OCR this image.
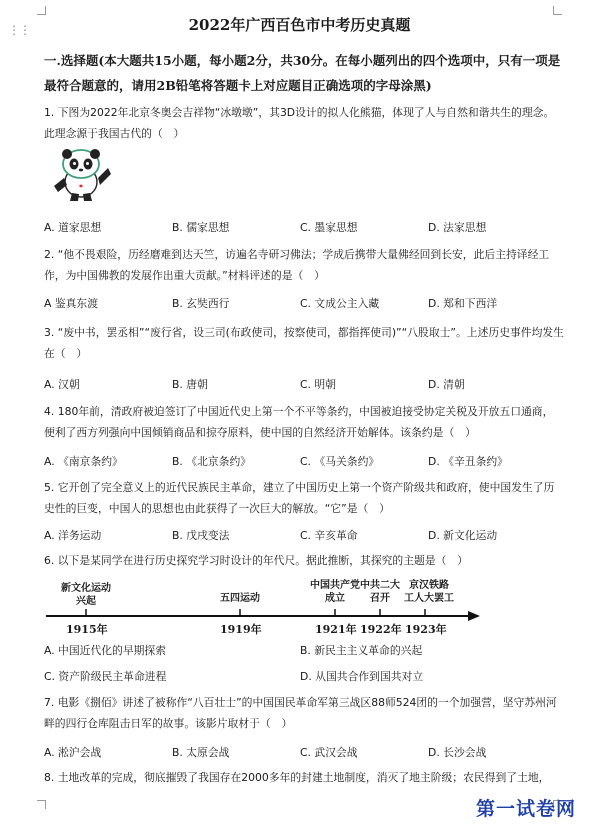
⋮⋮	2022年广西百色市中考历史真题
一.选择题(本大题共15小题，每小题2分，共30分。在每小题列出的四个选项中，只有一项是最符合题意的，请用2B铅笔将答题卡上对应题目正确选项的字母涂黑)
1. 下图为2022年北京冬奥会吉祥物“冰墩墩”，其3D设计的拟人化熊猫，体现了人与自然和谐共生的理念。此理念源于我国古代的（　）
A. 道家思想	B. 儒家思想	C. 墨家思想	D. 法家思想
2. “他不畏艰险，历经磨难到达天竺，访遍名寺研习佛法；学成后携带大量佛经回到长安，此后主持译经工作，为中国佛教的发展作出重大贡献。”材料评述的是（　）
A 鉴真东渡	B. 玄奘西行	C. 文成公主入藏	D. 郑和下西洋
3. “废中书，罢丞相”“废行省，设三司(布政使司，按察使司，都指挥使司)”“八股取士”。上述历史事件均发生在（　）
A. 汉朝	B. 唐朝	C. 明朝	D. 清朝
4. 180年前，清政府被迫签订了中国近代史上第一个不平等条约，中国被迫接受协定关税及开放五口通商，便利了西方列强向中国倾销商品和掠夺原料，使中国的自然经济开始解体。该条约是（　）
A. 《南京条约》	B. 《北京条约》	C. 《马关条约》	D. 《辛丑条约》
5. 它开创了完全意义上的近代民族民主革命，建立了中国历史上第一个资产阶级共和政府，使中国发生了历史性的巨变，中国人的思想也由此获得了一次巨大的解放。“它”是（　）
A. 洋务运动	B. 戊戌变法	C. 辛亥革命	D. 新文化运动
6. 以下是某同学在进行历史探究学习时设计的年代尺。据此推断，其探究的主题是（　）
新文化运动
兴起	五四运动
中国共产党
成立
中共二大
召开
京汉铁路
工人大罢工
1915年	1919年	1921年 1922年 1923年
A. 中国近代化的早期探索	B. 新民主主义革命的兴起
C. 资产阶级民主革命进程	D. 从国共合作到国共对立
7. 电影《捌佰》讲述了被称作“八百壮士”的中国国民革命军第三战区88师524团的一个加强营，坚守苏州河畔的四行仓库阻击日军的故事。该影片取材于（　）
A. 淞沪会战	B. 太原会战	C. 武汉会战	D. 长沙会战
8. 土地改革的完成，彻底摧毁了我国存在2000多年的封建土地制度，消灭了地主阶级；农民得到了土地，
第一试卷网
